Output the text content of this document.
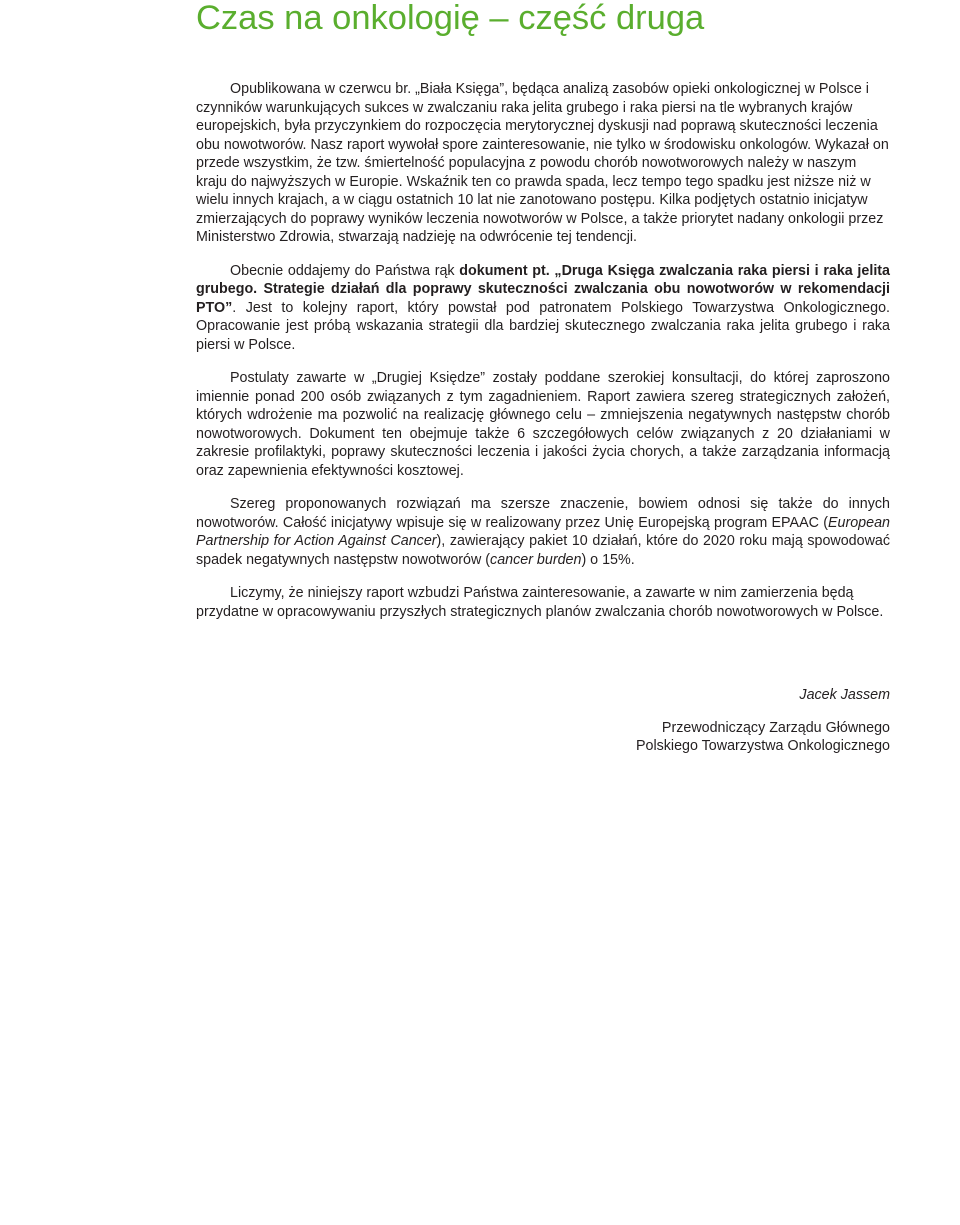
Czas na onkologię – część druga

Opublikowana w czerwcu br. „Biała Księga”, będąca analizą zasobów opieki onkologicznej w Polsce i czynników warunkujących sukces w zwalczaniu raka jelita grubego i raka piersi na tle wybranych krajów europejskich, była przyczynkiem do rozpoczęcia merytorycznej dyskusji nad poprawą skuteczności leczenia obu nowotworów. Nasz raport wywołał spore zainteresowanie, nie tylko w środowisku onkologów. Wykazał on przede wszystkim, że tzw. śmiertelność populacyjna z powodu chorób nowotworowych należy w naszym kraju do najwyższych w Europie. Wskaźnik ten co prawda spada, lecz tempo tego spadku jest niższe niż w wielu innych krajach, a w ciągu ostatnich 10 lat nie zanotowano postępu. Kilka podjętych ostatnio inicjatyw zmierzających do poprawy wyników leczenia nowotworów w Polsce, a także priorytet nadany onkologii przez Ministerstwo Zdrowia, stwarzają nadzieję na odwrócenie tej tendencji.

Obecnie oddajemy do Państwa rąk dokument pt. „Druga Księga zwalczania raka piersi i raka jelita grubego. Strategie działań dla poprawy skuteczności zwalczania obu nowotworów w rekomendacji PTO”. Jest to kolejny raport, który powstał pod patronatem Polskiego Towarzystwa Onkologicznego. Opracowanie jest próbą wskazania strategii dla bardziej skutecznego zwalczania raka jelita grubego i raka piersi w Polsce.

Postulaty zawarte w „Drugiej Księdze” zostały poddane szerokiej konsultacji, do której zaproszono imiennie ponad 200 osób związanych z tym zagadnieniem. Raport zawiera szereg strategicznych założeń, których wdrożenie ma pozwolić na realizację głównego celu – zmniejszenia negatywnych następstw chorób nowotworowych. Dokument ten obejmuje także 6 szczegółowych celów związanych z 20 działaniami w zakresie profilaktyki, poprawy skuteczności leczenia i jakości życia chorych, a także zarządzania informacją oraz zapewnienia efektywności kosztowej.

Szereg proponowanych rozwiązań ma szersze znaczenie, bowiem odnosi się także do innych nowotworów. Całość inicjatywy wpisuje się w realizowany przez Unię Europejską program EPAAC (European Partnership for Action Against Cancer), zawierający pakiet 10 działań, które do 2020 roku mają spowodować spadek negatywnych następstw nowotworów (cancer burden) o 15%.

Liczymy, że niniejszy raport wzbudzi Państwa zainteresowanie, a zawarte w nim zamierzenia będą przydatne w opracowywaniu przyszłych strategicznych planów zwalczania chorób nowotworowych w Polsce.

Jacek Jassem

Przewodniczący Zarządu Głównego

Polskiego Towarzystwa Onkologicznego
